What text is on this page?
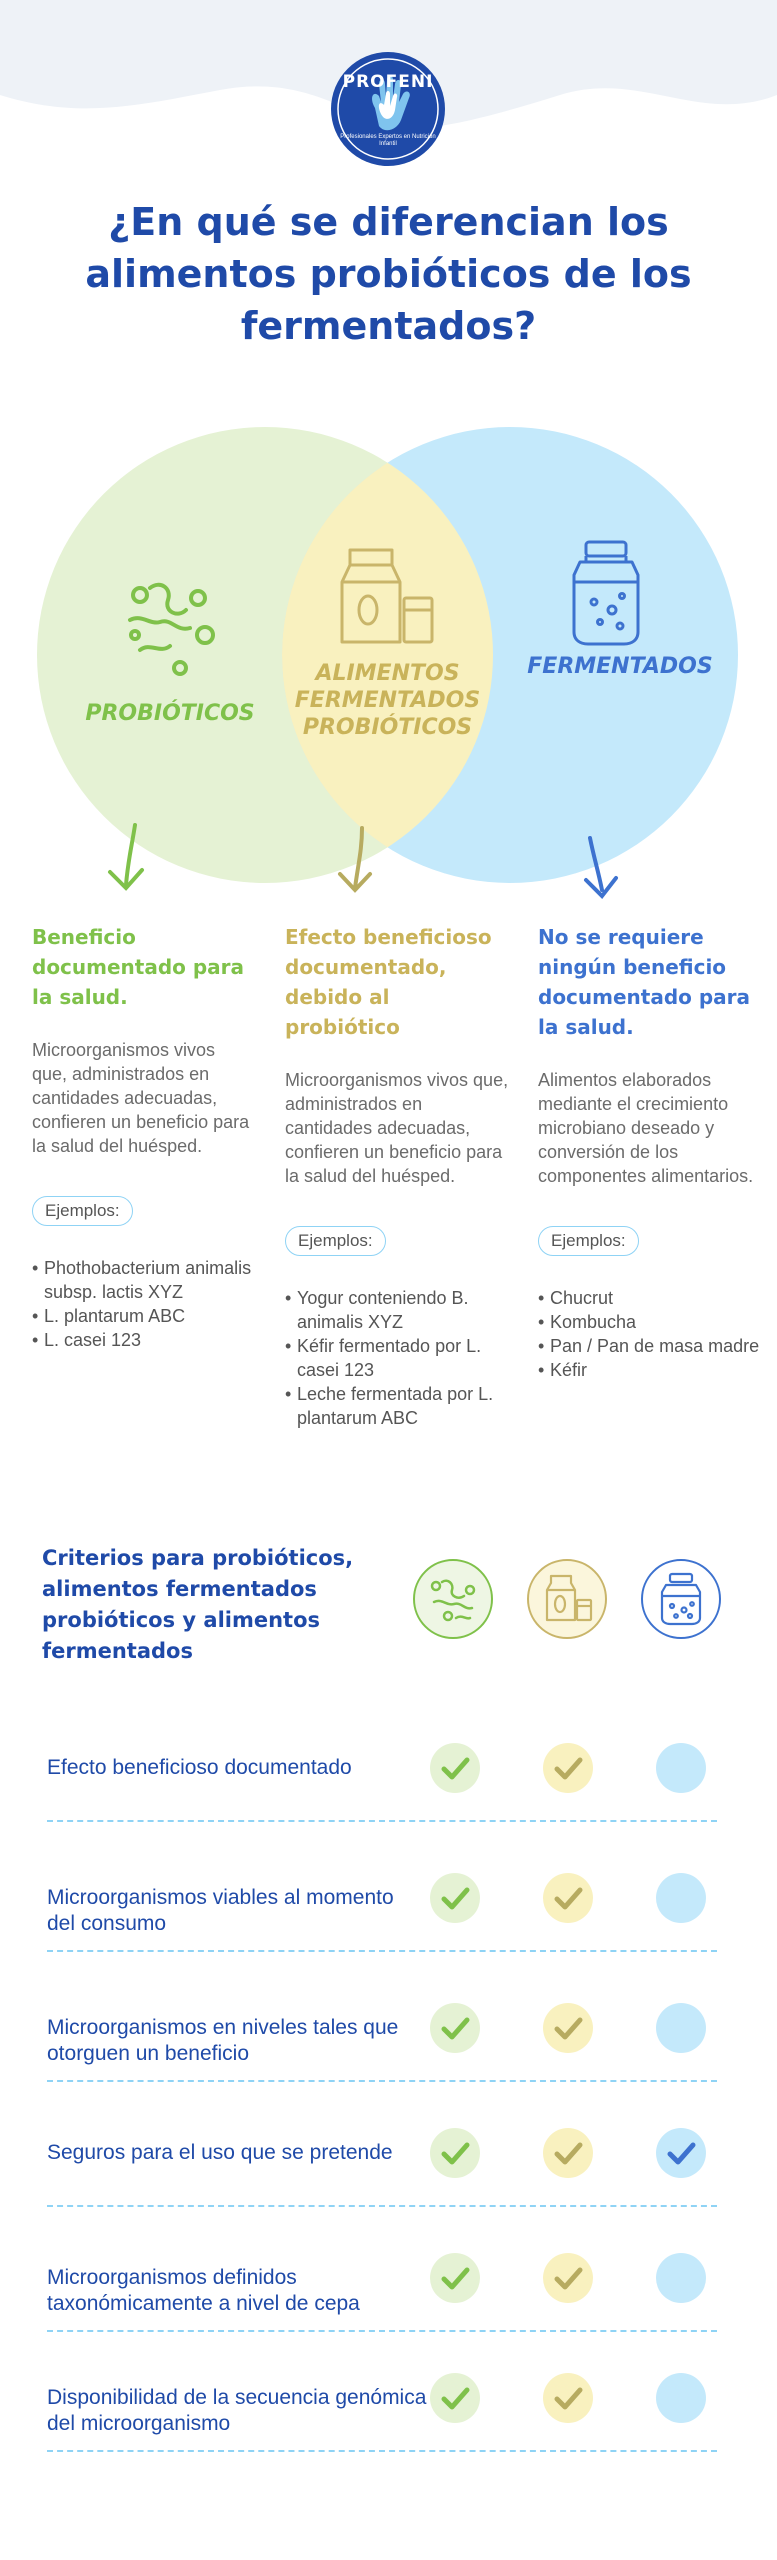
PROFENI
Profesionales Expertos en Nutrición Infantil
¿En qué se diferencian los alimentos probióticos de los fermentados?
PROBIÓTICOS
ALIMENTOS FERMENTADOS PROBIÓTICOS
FERMENTADOS
Beneficio documentado para la salud.

Microorganismos vivos que, administrados en cantidades adecuadas, confieren un beneficio para la salud del huésped.

Ejemplos:
• Phothobacterium animalis subsp. lactis XYZ
• L. plantarum ABC
• L. casei 123
Efecto beneficioso documentado, debido al probiótico

Microorganismos vivos que, administrados en cantidades adecuadas, confieren un beneficio para la salud del huésped.

Ejemplos:
• Yogur conteniendo B. animalis XYZ
• Kéfir fermentado por L. casei 123
• Leche fermentada por L. plantarum ABC
No se requiere ningún beneficio documentado para la salud.

Alimentos elaborados mediante el crecimiento microbiano deseado y conversión de los componentes alimentarios.

Ejemplos:
• Chucrut
• Kombucha
• Pan / Pan de masa madre
• Kéfir
Criterios para probióticos, alimentos fermentados probióticos y alimentos fermentados
Efecto beneficioso documentado
Microorganismos viables al momento del consumo
Microorganismos en niveles tales que otorguen un beneficio
Seguros para el uso que se pretende
Microorganismos definidos taxonómicamente a nivel de cepa
Disponibilidad de la secuencia genómica del microorganismo
